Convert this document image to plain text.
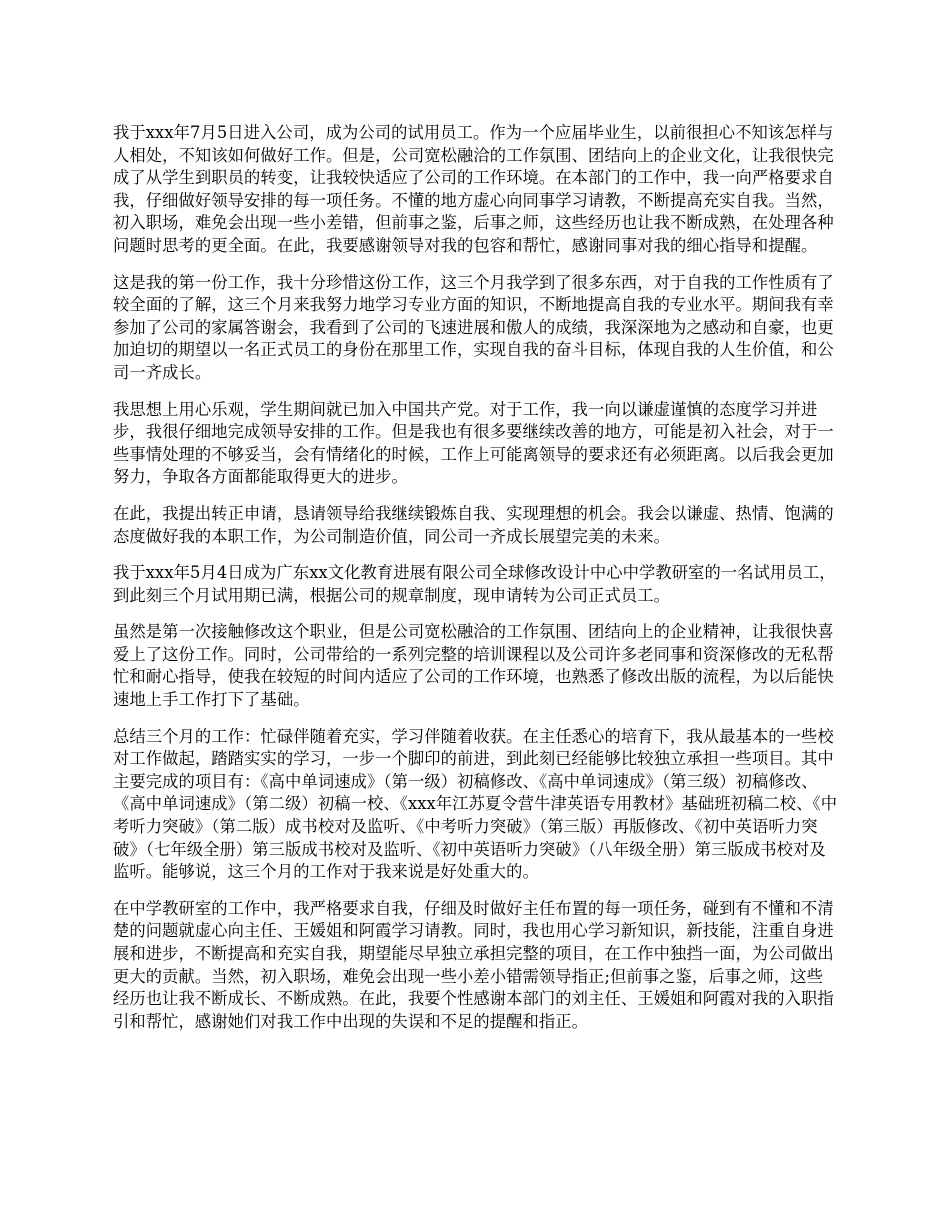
我于xxx年7月5日进入公司，成为公司的试用员工。作为一个应届毕业生，以前很担心不知该怎样与人相处，不知该如何做好工作。但是，公司宽松融洽的工作氛围、团结向上的企业文化，让我很快完成了从学生到职员的转变，让我较快适应了公司的工作环境。在本部门的工作中，我一向严格要求自我，仔细做好领导安排的每一项任务。不懂的地方虚心向同事学习请教，不断提高充实自我。当然，初入职场，难免会出现一些小差错，但前事之鉴，后事之师，这些经历也让我不断成熟，在处理各种问题时思考的更全面。在此，我要感谢领导对我的包容和帮忙，感谢同事对我的细心指导和提醒。

这是我的第一份工作，我十分珍惜这份工作，这三个月我学到了很多东西，对于自我的工作性质有了较全面的了解，这三个月来我努力地学习专业方面的知识，不断地提高自我的专业水平。期间我有幸参加了公司的家属答谢会，我看到了公司的飞速进展和傲人的成绩，我深深地为之感动和自豪，也更加迫切的期望以一名正式员工的身份在那里工作，实现自我的奋斗目标，体现自我的人生价值，和公司一齐成长。

我思想上用心乐观，学生期间就已加入中国共产党。对于工作，我一向以谦虚谨慎的态度学习并进步，我很仔细地完成领导安排的工作。但是我也有很多要继续改善的地方，可能是初入社会，对于一些事情处理的不够妥当，会有情绪化的时候，工作上可能离领导的要求还有必须距离。以后我会更加努力，争取各方面都能取得更大的进步。

在此，我提出转正申请，恳请领导给我继续锻炼自我、实现理想的机会。我会以谦虚、热情、饱满的态度做好我的本职工作，为公司制造价值，同公司一齐成长展望完美的未来。

我于xxx年5月4日成为广东xx文化教育进展有限公司全球修改设计中心中学教研室的一名试用员工，到此刻三个月试用期已满，根据公司的规章制度，现申请转为公司正式员工。

虽然是第一次接触修改这个职业，但是公司宽松融洽的工作氛围、团结向上的企业精神，让我很快喜爱上了这份工作。同时，公司带给的一系列完整的培训课程以及公司许多老同事和资深修改的无私帮忙和耐心指导，使我在较短的时间内适应了公司的工作环境，也熟悉了修改出版的流程，为以后能快速地上手工作打下了基础。

总结三个月的工作：忙碌伴随着充实，学习伴随着收获。在主任悉心的培育下，我从最基本的一些校对工作做起，踏踏实实的学习，一步一个脚印的前进，到此刻已经能够比较独立承担一些项目。其中主要完成的项目有：《高中单词速成》（第一级）初稿修改、《高中单词速成》（第三级）初稿修改、《高中单词速成》（第二级）初稿一校、《xxx年江苏夏令营牛津英语专用教材》基础班初稿二校、《中考听力突破》（第二版）成书校对及监听、《中考听力突破》（第三版）再版修改、《初中英语听力突破》（七年级全册）第三版成书校对及监听、《初中英语听力突破》（八年级全册）第三版成书校对及监听。能够说，这三个月的工作对于我来说是好处重大的。

在中学教研室的工作中，我严格要求自我，仔细及时做好主任布置的每一项任务，碰到有不懂和不清楚的问题就虚心向主任、王媛姐和阿霞学习请教。同时，我也用心学习新知识，新技能，注重自身进展和进步，不断提高和充实自我，期望能尽早独立承担完整的项目，在工作中独挡一面，为公司做出更大的贡献。当然，初入职场，难免会出现一些小差小错需领导指正;但前事之鉴，后事之师，这些经历也让我不断成长、不断成熟。在此，我要个性感谢本部门的刘主任、王媛姐和阿霞对我的入职指引和帮忙，感谢她们对我工作中出现的失误和不足的提醒和指正。
